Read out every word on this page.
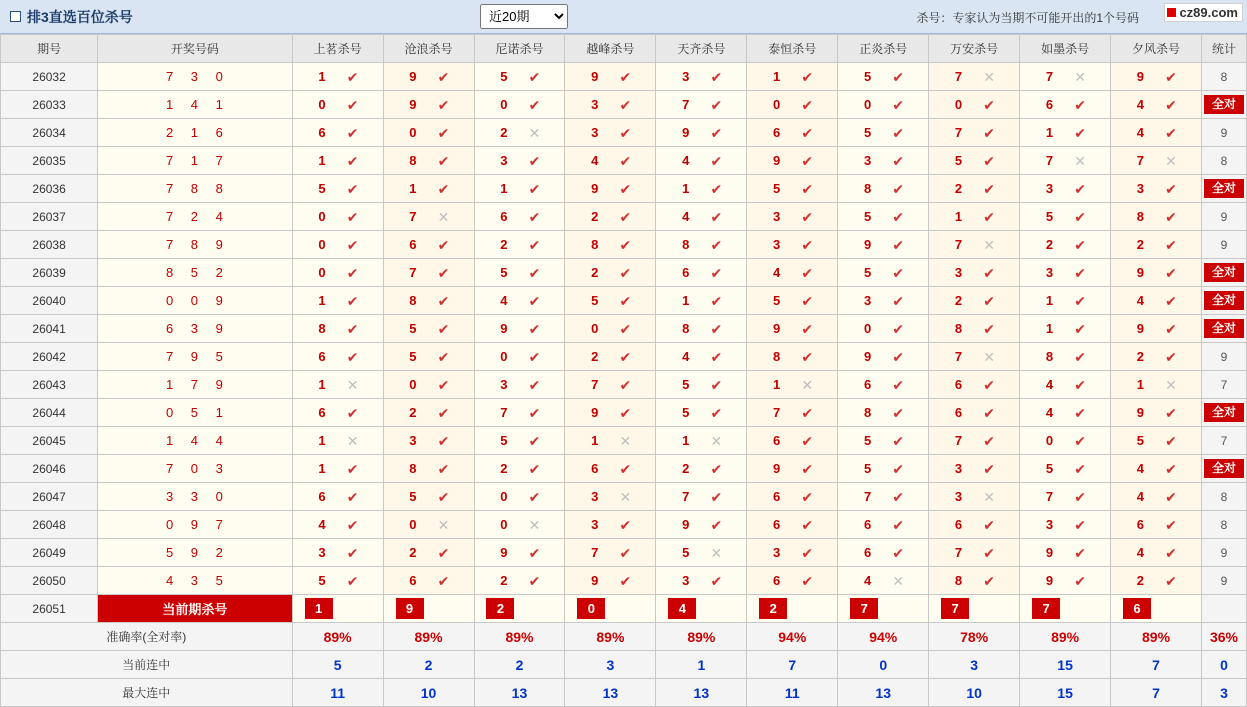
排3直选百位杀号
近20期	杀号：专家认为当期不可能开出的1个号码	cz89.com
期号	开奖号码	上茗杀号	沧浪杀号	尼诺杀号	越峰杀号	天齐杀号	泰恒杀号	正炎杀号	万安杀号	如墨杀号	夕风杀号	统计
26032	7 3 0	1 ✔	9 ✔	5 ✔	9 ✔	3 ✔	1 ✔	5 ✔	7 ✕	7 ✕	9 ✔	8
26033	1 4 1	0 ✔	9 ✔	0 ✔	3 ✔	7 ✔	0 ✔	0 ✔	0 ✔	6 ✔	4 ✔	全对

26034	2 1 6	6 ✔	0 ✔	2 ✕	3 ✔	9 ✔	6 ✔	5 ✔	7 ✔	1 ✔	4 ✔	9
26035	7 1 7	1 ✔	8 ✔	3 ✔	4 ✔	4 ✔	9 ✔	3 ✔	5 ✔	7 ✕	7 ✕	8
26036	7 8 8	5 ✔	1 ✔	1 ✔	9 ✔	1 ✔	5 ✔	8 ✔	2 ✔	3 ✔	3 ✔	全对

26037	7 2 4	0 ✔	7 ✕	6 ✔	2 ✔	4 ✔	3 ✔	5 ✔	1 ✔	5 ✔	8 ✔	9
26038	7 8 9	0 ✔	6 ✔	2 ✔	8 ✔	8 ✔	3 ✔	9 ✔	7 ✕	2 ✔	2 ✔	9
26039	8 5 2	0 ✔	7 ✔	5 ✔	2 ✔	6 ✔	4 ✔	5 ✔	3 ✔	3 ✔	9 ✔	全对

26040	0 0 9	1 ✔	8 ✔	4 ✔	5 ✔	1 ✔	5 ✔	3 ✔	2 ✔	1 ✔	4 ✔	全对

26041	6 3 9	8 ✔	5 ✔	9 ✔	0 ✔	8 ✔	9 ✔	0 ✔	8 ✔	1 ✔	9 ✔	全对

26042	7 9 5	6 ✔	5 ✔	0 ✔	2 ✔	4 ✔	8 ✔	9 ✔	7 ✕	8 ✔	2 ✔	9
26043	1 7 9	1 ✕	0 ✔	3 ✔	7 ✔	5 ✔	1 ✕	6 ✔	6 ✔	4 ✔	1 ✕	7
26044	0 5 1	6 ✔	2 ✔	7 ✔	9 ✔	5 ✔	7 ✔	8 ✔	6 ✔	4 ✔	9 ✔	全对

26045	1 4 4	1 ✕	3 ✔	5 ✔	1 ✕	1 ✕	6 ✔	5 ✔	7 ✔	0 ✔	5 ✔	7
26046	7 0 3	1 ✔	8 ✔	2 ✔	6 ✔	2 ✔	9 ✔	5 ✔	3 ✔	5 ✔	4 ✔	全对

26047	3 3 0	6 ✔	5 ✔	0 ✔	3 ✕	7 ✔	6 ✔	7 ✔	3 ✕	7 ✔	4 ✔	8
26048	0 9 7	4 ✔	0 ✕	0 ✕	3 ✔	9 ✔	6 ✔	6 ✔	6 ✔	3 ✔	6 ✔	8
26049	5 9 2	3 ✔	2 ✔	9 ✔	7 ✔	5 ✕	3 ✔	6 ✔	7 ✔	9 ✔	4 ✔	9
26050	4 3 5	5 ✔	6 ✔	2 ✔	9 ✔	3 ✔	6 ✔	4 ✕	8 ✔	9 ✔	2 ✔	9
26051	当前期杀号	1	9	2	0	4	2	7	7	7	6	
准确率(全对率)		89%	89%	89%	89%	89%	94%	94%	78%	89%	89%	36%
当前连中		5	2	2	3	1	7	0	3	15	7	0
最大连中		11	10	13	13	13	11	13	10	15	7	3
